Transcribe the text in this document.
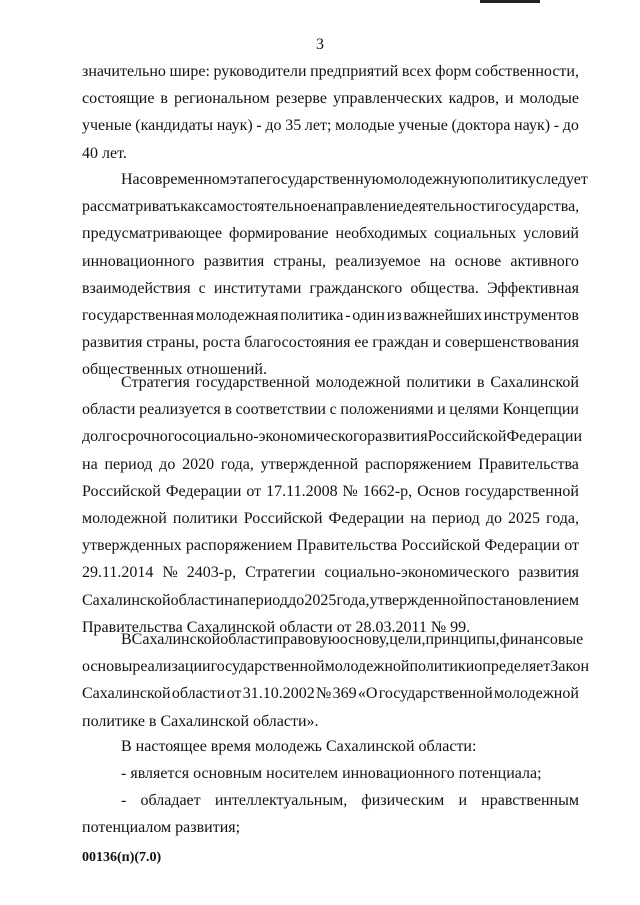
3

значительно шире: руководители предприятий всех форм собственности,
состоящие в региональном резерве управленческих кадров, и молодые
ученые (кандидаты наук) - до 35 лет; молодые ученые (доктора наук) - до
40 лет.

На современном этапе государственную молодежную политику следует
рассматривать как самостоятельное направление деятельности государства,
предусматривающее формирование необходимых социальных условий
инновационного развития страны, реализуемое на основе активного
взаимодействия с институтами гражданского общества. Эффективная
государственная молодежная политика - один из важнейших инструментов
развития страны, роста благосостояния ее граждан и совершенствования
общественных отношений.

Стратегия государственной молодежной политики в Сахалинской
области реализуется в соответствии с положениями и целями Концепции
долгосрочного социально-экономического развития Российской Федерации
на период до 2020 года, утвержденной распоряжением Правительства
Российской Федерации от 17.11.2008 № 1662-р, Основ государственной
молодежной политики Российской Федерации на период до 2025 года,
утвержденных распоряжением Правительства Российской Федерации от
29.11.2014 № 2403-р, Стратегии социально-экономического развития
Сахалинской области на период до 2025 года, утвержденной постановлением
Правительства Сахалинской области от 28.03.2011 № 99.

В Сахалинской области правовую основу, цели, принципы, финансовые
основы реализации государственной молодежной политики определяет Закон
Сахалинской области от 31.10.2002 № 369 «О государственной молодежной
политике в Сахалинской области».

В настоящее время молодежь Сахалинской области:

- является основным носителем инновационного потенциала;

- обладает интеллектуальным, физическим и нравственным
потенциалом развития;

00136(п)(7.0)
